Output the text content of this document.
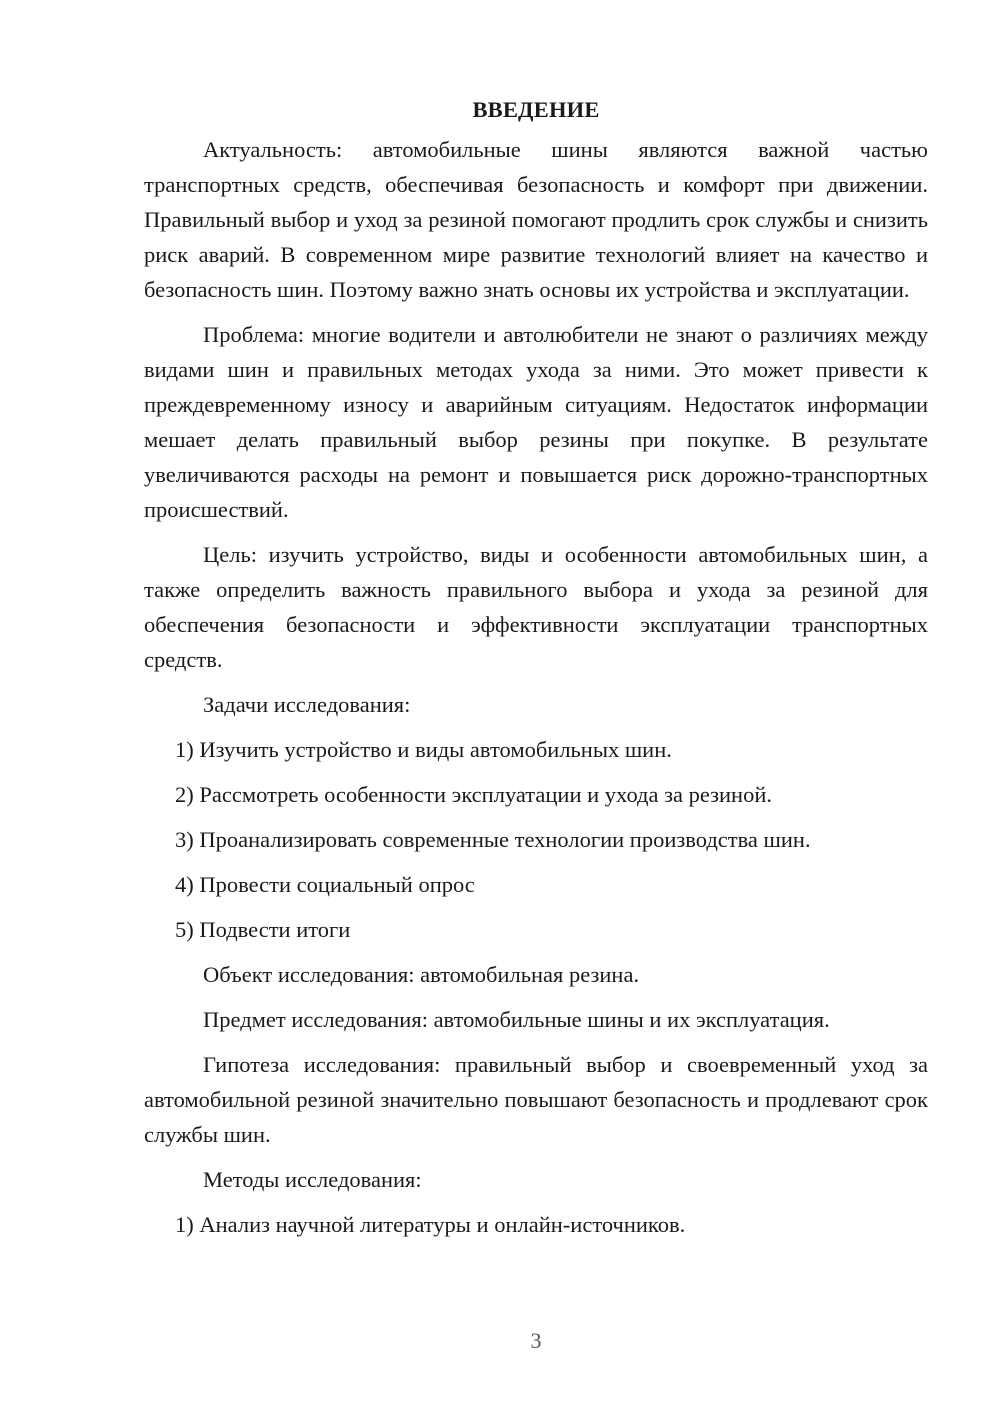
ВВЕДЕНИЕ

Актуальность: автомобильные шины являются важной частью транспортных средств, обеспечивая безопасность и комфорт при движении. Правильный выбор и уход за резиной помогают продлить срок службы и снизить риск аварий. В современном мире развитие технологий влияет на качество и безопасность шин. Поэтому важно знать основы их устройства и эксплуатации.

Проблема: многие водители и автолюбители не знают о различиях между видами шин и правильных методах ухода за ними. Это может привести к преждевременному износу и аварийным ситуациям. Недостаток информации мешает делать правильный выбор резины при покупке. В результате увеличиваются расходы на ремонт и повышается риск дорожно-транспортных происшествий.

Цель: изучить устройство, виды и особенности автомобильных шин, а также определить важность правильного выбора и ухода за резиной для обеспечения безопасности и эффективности эксплуатации транспортных средств.

Задачи исследования:
1) Изучить устройство и виды автомобильных шин.
2) Рассмотреть особенности эксплуатации и ухода за резиной.
3) Проанализировать современные технологии производства шин.
4) Провести социальный опрос
5) Подвести итоги
Объект исследования: автомобильная резина.
Предмет исследования: автомобильные шины и их эксплуатация.

Гипотеза исследования: правильный выбор и своевременный уход за автомобильной резиной значительно повышают безопасность и продлевают срок службы шин.

Методы исследования:
1) Анализ научной литературы и онлайн-источников.
3
